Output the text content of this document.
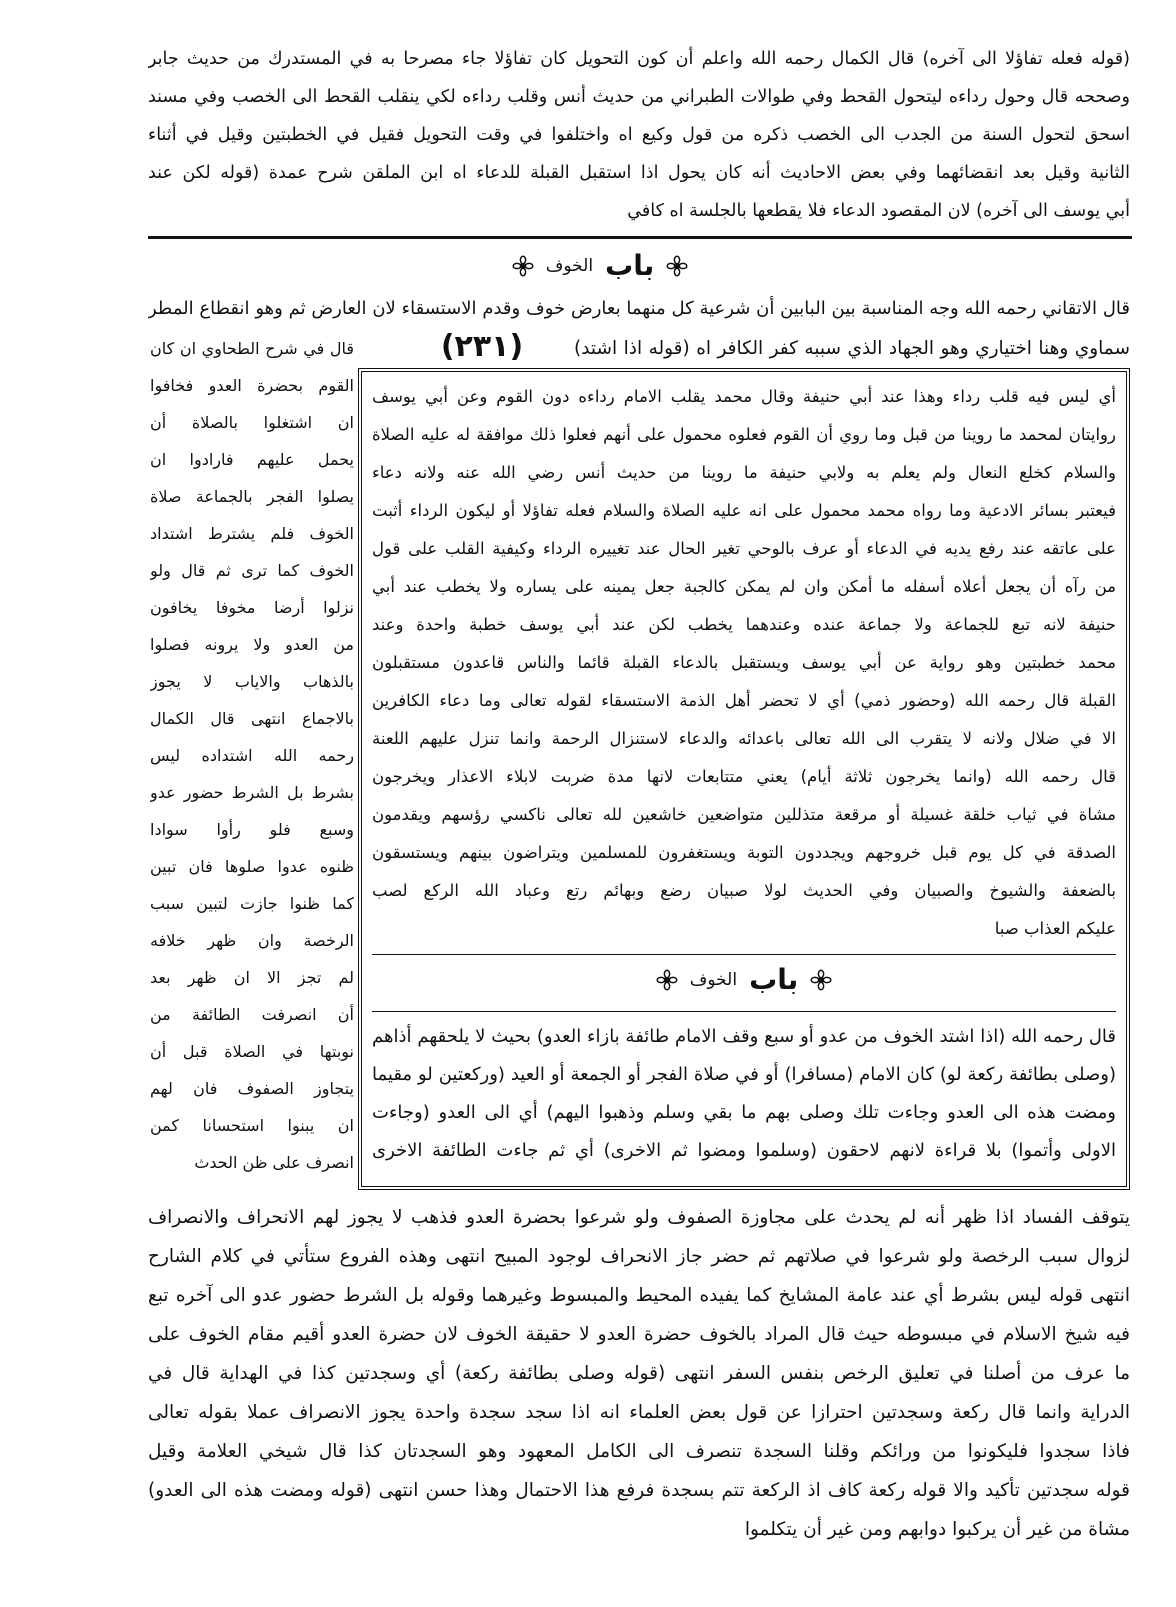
(قوله فعله تفاؤلا الى آخره) قال الكمال رحمه الله واعلم أن كون التحويل كان تفاؤلا جاء مصرحا به في المستدرك من حديث جابر
وصححه قال وحول رداءه ليتحول القحط وفي طوالات الطبراني من حديث أنس وقلب رداءه لكي ينقلب القحط الى الخصب وفي مسند
اسحق لتحول السنة من الجدب الى الخصب ذكره من قول وكيع اه واختلفوا في وقت التحويل فقيل في الخطبتين وقيل في أثناء
الثانية وقيل بعد انقضائهما وفي بعض الاحاديث أنه كان يحول اذا استقبل القبلة للدعاء اه ابن الملقن شرح عمدة (قوله لكن عند
أبي يوسف الى آخره) لان المقصود الدعاء فلا يقطعها بالجلسة اه كافي
باب
الخوف
قال الاتقاني رحمه الله وجه المناسبة بين البابين أن شرعية كل منهما بعارض خوف وقدم الاستسقاء لان العارض ثم وهو انقطاع المطر
سماوي وهنا اختياري وهو الجهاد الذي سببه كفر الكافر اه (قوله اذا اشتد)
(٢٣١)
قال في شرح الطحاوي ان كان
القوم بحضرة العدو فخافوا
ان اشتغلوا بالصلاة أن
يحمل عليهم فارادوا ان
يصلوا الفجر بالجماعة صلاة
الخوف فلم يشترط اشتداد
الخوف كما ترى ثم قال ولو
نزلوا أرضا مخوفا يخافون
من العدو ولا يرونه فصلوا
بالذهاب والاياب لا يجوز
بالاجماع انتهى قال الكمال
رحمه الله اشتداده ليس
بشرط بل الشرط حضور عدو
وسبع فلو رأوا سوادا
ظنوه عدوا صلوها فان تبين
كما ظنوا جازت لتبين سبب
الرخصة وان ظهر خلافه
لم تجز الا ان ظهر بعد
أن انصرفت الطائفة من
نوبتها في الصلاة قبل أن
يتجاوز الصفوف فان لهم
ان يبنوا استحسانا كمن
انصرف على ظن الحدث
أي ليس فيه قلب رداء وهذا عند أبي حنيفة وقال محمد يقلب الامام رداءه دون القوم وعن أبي يوسف
روايتان لمحمد ما روينا من قبل وما روي أن القوم فعلوه محمول على أنهم فعلوا ذلك موافقة له عليه الصلاة
والسلام كخلع النعال ولم يعلم به ولابي حنيفة ما روينا من حديث أنس رضي الله عنه ولانه دعاء
فيعتبر بسائر الادعية وما رواه محمد محمول على انه عليه الصلاة والسلام فعله تفاؤلا أو ليكون الرداء أثبت
على عاتقه عند رفع يديه في الدعاء أو عرف بالوحي تغير الحال عند تغييره الرداء وكيفية القلب على قول
من رآه أن يجعل أعلاه أسفله ما أمكن وان لم يمكن كالجبة جعل يمينه على يساره ولا يخطب عند أبي
حنيفة لانه تبع للجماعة ولا جماعة عنده وعندهما يخطب لكن عند أبي يوسف خطبة واحدة وعند
محمد خطبتين وهو رواية عن أبي يوسف ويستقبل بالدعاء القبلة قائما والناس قاعدون مستقبلون
القبلة قال رحمه الله (وحضور ذمي) أي لا تحضر أهل الذمة الاستسقاء لقوله تعالى وما دعاء الكافرين
الا في ضلال ولانه لا يتقرب الى الله تعالى باعدائه والدعاء لاستنزال الرحمة وانما تنزل عليهم اللعنة
قال رحمه الله (وانما يخرجون ثلاثة أيام) يعني متتابعات لانها مدة ضربت لابلاء الاعذار ويخرجون
مشاة في ثياب خلقة غسيلة أو مرقعة متذللين متواضعين خاشعين لله تعالى ناكسي رؤسهم ويقدمون
الصدقة في كل يوم قبل خروجهم ويجددون التوبة ويستغفرون للمسلمين ويتراضون بينهم ويستسقون
بالضعفة والشيوخ والصبيان وفي الحديث لولا صبيان رضع وبهائم رتع وعباد الله الركع لصب
عليكم العذاب صبا
باب
الخوف
قال رحمه الله (اذا اشتد الخوف من عدو أو سبع وقف الامام طائفة بازاء العدو) بحيث لا يلحقهم أذاهم
(وصلى بطائفة ركعة لو) كان الامام (مسافرا) أو في صلاة الفجر أو الجمعة أو العيد (وركعتين لو مقيما
ومضت هذه الى العدو وجاءت تلك وصلى بهم ما بقي وسلم وذهبوا اليهم) أي الى العدو (وجاءت
الاولى وأتموا) بلا قراءة لانهم لاحقون (وسلموا ومضوا ثم الاخرى) أي ثم جاءت الطائفة الاخرى
يتوقف الفساد اذا ظهر أنه لم يحدث على مجاوزة الصفوف ولو شرعوا بحضرة العدو فذهب لا يجوز لهم الانحراف والانصراف
لزوال سبب الرخصة ولو شرعوا في صلاتهم ثم حضر جاز الانحراف لوجود المبيح انتهى وهذه الفروع ستأتي في كلام الشارح
انتهى قوله ليس بشرط أي عند عامة المشايخ كما يفيده المحيط والمبسوط وغيرهما وقوله بل الشرط حضور عدو الى آخره تبع
فيه شيخ الاسلام في مبسوطه حيث قال المراد بالخوف حضرة العدو لا حقيقة الخوف لان حضرة العدو أقيم مقام الخوف على
ما عرف من أصلنا في تعليق الرخص بنفس السفر انتهى (قوله وصلى بطائفة ركعة) أي وسجدتين كذا في الهداية قال في
الدراية وانما قال ركعة وسجدتين احترازا عن قول بعض العلماء انه اذا سجد سجدة واحدة يجوز الانصراف عملا بقوله تعالى
فاذا سجدوا فليكونوا من ورائكم وقلنا السجدة تنصرف الى الكامل المعهود وهو السجدتان كذا قال شيخي العلامة وقيل
قوله سجدتين تأكيد والا قوله ركعة كاف اذ الركعة تتم بسجدة فرفع هذا الاحتمال وهذا حسن انتهى (قوله ومضت هذه الى العدو)
مشاة من غير أن يركبوا دوابهم ومن غير أن يتكلموا
